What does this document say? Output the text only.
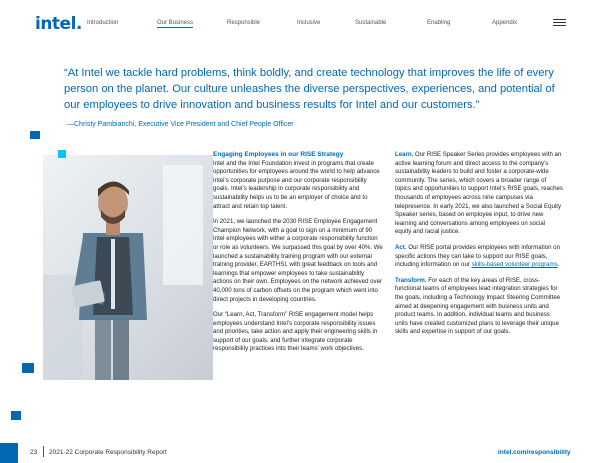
intel. Introduction	Our Business	Responsible	Inclusive	Sustainable	Enabling	Appendix
“At Intel we tackle hard problems, think boldly, and create technology that improves the life of every person on the planet. Our culture unleashes the diverse perspectives, experiences, and potential of our employees to drive innovation and business results for Intel and our customers.”
—Christy Pambianchi, Executive Vice President and Chief People Officer
Engaging Employees in our RISE Strategy

Intel and the Intel Foundation invest in programs that create opportunities for employees around the world to help advance Intel’s corporate purpose and our corporate responsibility goals. Intel’s leadership in corporate responsibility and sustainability helps us to be an employer of choice and to attract and retain top talent.

In 2021, we launched the 2030 RISE Employee Engagement Champion Network, with a goal to sign on a minimum of 90 Intel employees with either a corporate responsibility function or role as volunteers. We surpassed this goal by over 40%. We launched a sustainability training program with our external training provider, EARTHSI, with great feedback on tools and learnings that empower employees to take sustainability actions on their own. Employees on the network achieved over 40,000 tons of carbon offsets on the program which went into direct projects in developing countries.

Our “Learn, Act, Transform” RISE engagement model helps employees understand Intel’s corporate responsibility issues and priorities, take action and apply their engineering skills in support of our goals, and further integrate corporate responsibility practices into their teams’ work objectives.

Learn. Our RISE Speaker Series provides employees with an active learning forum and direct access to the company’s sustainability leaders to build and foster a corporate-wide community. The series, which covers a broader range of topics and opportunities to support Intel’s RISE goals, reaches thousands of employees across nine campuses via telepresence. In early 2021, we also launched a Social Equity Speaker series, based on employee input, to drive new learning and conversations among employees on social equity and racial justice.

Act. Our RISE portal provides employees with information on specific actions they can take to support our RISE goals, including information on our skills-based volunteer programs.

Transform. For each of the key areas of RISE, cross-functional teams of employees lead integration strategies for the goals, including a Technology Impact Steering Committee aimed at deepening engagement with business units and product teams. In addition, individual teams and business units have created customized plans to leverage their unique skills and expertise in support of our goals.

23 2021-22 Corporate Responsibility Report	intel.com/responsibility
